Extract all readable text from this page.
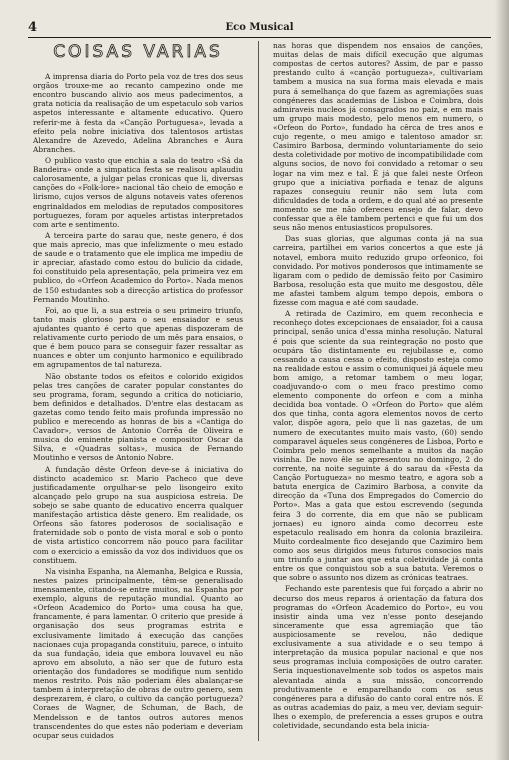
4	Eco Musical
COISAS VARIAS

A imprensa diaria do Porto pela voz de tres dos seus orgãos trouxe-me ao recanto campezino onde me encontro buscando alivio aos meus padecimentos, a grata noticia da realisação de um espetaculo sob varios aspetos interessante e altamente educativo. Quero referir-me à festa da «Canção Portuguesa», levada a efeito pela nobre iniciativa dos talentosos artistas Alexandre de Azevedo, Adelina Abranches e Aura Abranches.

O publico vasto que enchia a sala do teatro «Sá da Bandeira» onde a simpatica festa se realisou aplaudiu calorosamente, a julgar pelas cronicas que li, diversas canções do «Folk-lore» nacional tão cheio de emoção e lirismo, cujos versos de alguns notaveis vates oferenos engrinaldados em melodias de reputados compositores portuguezes, foram por aqueles artistas interpretados com arte e sentimento.

A terceira parte do sarau que, neste genero, é dos que mais aprecio, mas que infelizmente o meu estado de saude e o tratamento que ele implica me impediu de ir apreciar, afastado como estou do bulicio da cidade, foi constituido pela apresentação, pela primeira vez em publico, do «Orfeon Academico do Porto». Nada menos de 150 estudantes sob a direcção artistica do professor Fernando Moutinho.

Foi, ao que li, a sua estreia o seu primeiro triunfo, tanto mais glorioso para o seu ensaiador e seus ajudantes quanto é certo que apenas dispozeram de relativamente curto periodo de um mês para ensaios, o que é bem pouco para se conseguir fazer ressaltar as nuances e obter um conjunto harmonico e equilibrado em agrupamentos de tal natureza.

Não obstante todos os efeitos e colorido exigidos pelas tres canções de carater popular constantes do seu programa, foram, segundo a critica do noticiario, bem definidos e detalhados. D'entre elas destacam as gazetas como tendo feito mais profunda impressão no publico e merecendo as honras de bis a «Cantiga do Cavador», versos de Antonio Corrêa de Oliveira e musica do eminente pianista e compositor Oscar da Silva, e «Quadras soltas», musica de Fernando Moutinho e versos de Antonio Nobre.

A fundação dêste Orfeon deve-se á iniciativa do distincto academico sr. Mario Pacheco que deve justificadamente orgulhar-se pelo lisongeiro exito alcançado pelo grupo na sua auspiciosa estreia. De sobejo se sabe quanto de educativo encerra qualquer manifestação artistica dêste genero. Em realidade, os Orfeons são fatores poderosos de socialisação e fraternidade sob o ponto de vista moral e sob o ponto de vista artistico concorrem não pouco para facilitar com o exercicio a emissão da voz dos individuos que os constituem.

Na visinha Espanha, na Alemanha, Belgica e Russia, nestes paizes principalmente, têm-se generalisado imensamente, citando-se entre muitos, na Espanha por exemplo, alguns de reputação mundial. Quanto ao «Orfeon Academico do Porto» uma cousa ha que, francamente, é para lamentar. O criterio que preside á organisação dos seus programas estrita e exclusivamente limitado á execução das canções nacionaes cuja propaganda constituiu, parece, o intuito da sua fundação, ideia que embora louvavel eu não aprovo em absoluto, a não ser que de futuro esta orientação dos fundadores se modifique num sentido menos restrito. Pois não poderiam êles abalançar-se tambem á interpretação de obras de outro genero, sem desprezarem, é claro, o cultivo da canção portugueza? Coraes de Wagner, de Schuman, de Bach, de Mendelsson e de tantos outros autores menos transcendentes do que estes não poderiam e deveriam ocupar seus cuidados

nas horas que dispendem nos ensaios de canções, muitas delas de mais difícil execução que algumas compostas de certos autores? Assim, de par e passo prestando culto á «canção portugueza», cultivariam tambem a musica na sua forma mais elevada e mais pura á semelhança do que fazem as agremiações suas congéneres das academias de Lisboa e Coimbra, dois admiraveis nucleos já consagrados no paiz, e em mais um grupo mais modesto, pelo menos em numero, o «Orfeon do Porto», fundado ha cêrca de tres anos e cujo regente, o meu amigo e talentoso amador sr. Casimiro Barbosa, dermindo voluntariamente do seio desta coletividade por motivo de incompatibilidade com alguns socios, de novo foi convidado a retomar o seu logar na vim mez e tal. É já que falei neste Orfeon grupo que a iniciativa porfiada e tenaz de alguns rapazes conseguiu reunir não sem luta com dificuldades de toda a ordem, e do qual até ao presente momento se me não ofereceu ensejo de falar, devo confessar que a êle tambem pertenci e que fui um dos seus não menos entusiasticos propulsores.

Das suas glorias, que algumas conta já na sua carreira, partilhei em varios concertos a que este já notavel, embora muito reduzido grupo orfeonico, foi convidado. Por motivos ponderosos que intimamente se ligaram com o pedido de demissão feito por Casimiro Barbosa, resolução esta que muito me desgostou, dêle me afastei tambem algum tempo depois, embora o fizesse com magua e até com saudade.

A retirada de Cazimiro, em quem reconhecia e reconheço dotes excepcionaes de ensaiador, foi a causa principal, senão unica d'essa minha resolução. Natural é pois que sciente da sua reintegração no posto que ocupára tão distintamente eu rejubilasse e, como cessando a causa cessa o efeito, disposto esteja como na realidade estou e assim o comuniquei já áquele meu bom amigo, a retomar tambem o meu logar, coadjuvando-o com o meu fraco prestimo como elemento componente do orfeon e com a minha decidida boa vontade. O «Orfeon do Porto» que além dos que tinha, conta agora elementos novos de certo valor, dispõe agora, pelo que li nas gazetas, de um numero de executantes muito mais vasto, (60) sendo comparavel áqueles seus congéneres de Lisboa, Porto e Coimbra pelo menos semelhante a muitos da nação visinha. De novo êle se apresentou no domingo, 2 do corrente, na noite seguinte á do sarau da «Festa da Canção Portugueza» no mesmo teatro, e agora sob a batuta energica de Cazimiro Barbosa, a convite da direcção da «Tuna dos Empregados do Comercio do Porto». Mas a gata que estou escrevendo (segunda feira 3 do corrente, dia em que não se publicam jornaes) eu ignoro ainda como decorreu este espetaculo realisado em honra da colonia brazileira. Muito cordealmente fico desejando que Cazimiro bem como aos seus dirigidos meus futuros consocios mais um triunfo a juntar aos que esta coletividade já conta entre os que conquistou sob a sua batuta. Veremos o que sobre o assunto nos dizem as crónicas teatraes.

Fechando este parentesis que fui forçado a abrir no decurso dos meus reparos á orientação da fatura dos programas do «Orfeon Academico do Porto», eu vou insistir ainda uma vez n'esse ponto desejando sinceramente que essa agremiação que tão auspiciosamente se revelou, não dedique exclusivamente a sua atividade e o seu tempo á interpretação da musica popular nacional e que nos seus programas incluia composições de outro carater. Seria inquestionavelmente sob todos os aspetos mais alevantada ainda a sua missão, concorrendo produtivamente e emparelhando com os seus congéneres para a difusão do canto coral entre nós. E as outras academias do paiz, a meu ver, deviam seguir-lhes o exemplo, de preferencia a esses grupos e outra coletividade, secundando esta bela inicia-
